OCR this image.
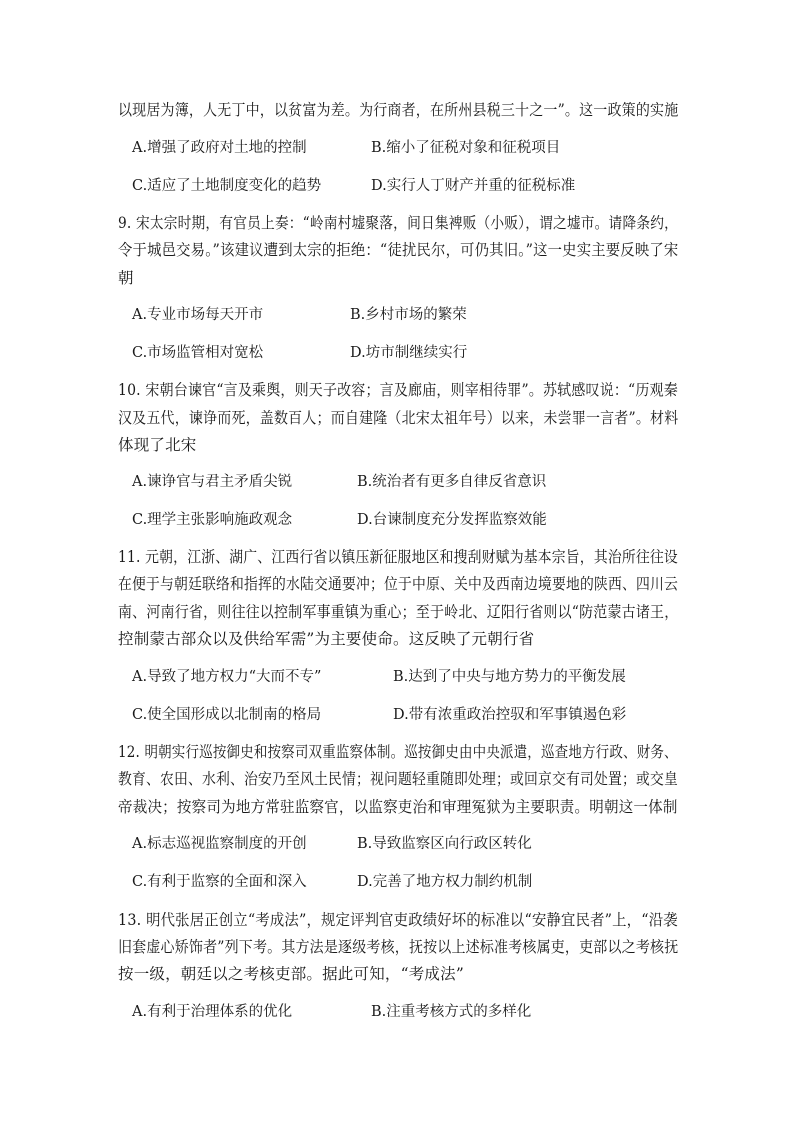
以现居为簿，人无丁中，以贫富为差。为行商者，在所州县税三十之一”。这一政策的实施
A.增强了政府对土地的控制	B.缩小了征税对象和征税项目
C.适应了土地制度变化的趋势	D.实行人丁财产并重的征税标准
9. 宋太宗时期，有官员上奏：“岭南村墟聚落，间日集裨贩（小贩），谓之墟市。请降条约，
令于城邑交易。”该建议遭到太宗的拒绝：“徒扰民尔，可仍其旧。”这一史实主要反映了宋
朝
A.专业市场每天开市	B.乡村市场的繁荣
C.市场监管相对宽松	D.坊市制继续实行
10. 宋朝台谏官“言及乘舆，则天子改容；言及廊庙，则宰相待罪”。苏轼感叹说：“历观秦
汉及五代，谏诤而死，盖数百人；而自建隆（北宋太祖年号）以来，未尝罪一言者”。材料
体现了北宋
A.谏诤官与君主矛盾尖锐	B.统治者有更多自律反省意识
C.理学主张影响施政观念	D.台谏制度充分发挥监察效能
11. 元朝，江浙、湖广、江西行省以镇压新征服地区和搜刮财赋为基本宗旨，其治所往往设
在便于与朝廷联络和指挥的水陆交通要冲；位于中原、关中及西南边境要地的陕西、四川云
南、河南行省，则往往以控制军事重镇为重心；至于岭北、辽阳行省则以“防范蒙古诸王，
控制蒙古部众以及供给军需”为主要使命。这反映了元朝行省
A.导致了地方权力“大而不专”	B.达到了中央与地方势力的平衡发展
C.使全国形成以北制南的格局	D.带有浓重政治控驭和军事镇遏色彩
12. 明朝实行巡按御史和按察司双重监察体制。巡按御史由中央派遣，巡查地方行政、财务、
教育、农田、水利、治安乃至风土民情；视问题轻重随即处理；或回京交有司处置；或交皇
帝裁决；按察司为地方常驻监察官，以监察吏治和审理冤狱为主要职责。明朝这一体制
A.标志巡视监察制度的开创	B.导致监察区向行政区转化
C.有利于监察的全面和深入	D.完善了地方权力制约机制
13. 明代张居正创立“考成法”，规定评判官吏政绩好坏的标准以“安静宜民者”上，“沿袭
旧套虚心矫饰者”列下考。其方法是逐级考核，抚按以上述标准考核属吏，吏部以之考核抚
按一级，朝廷以之考核吏部。据此可知，“考成法”
A.有利于治理体系的优化	B.注重考核方式的多样化
